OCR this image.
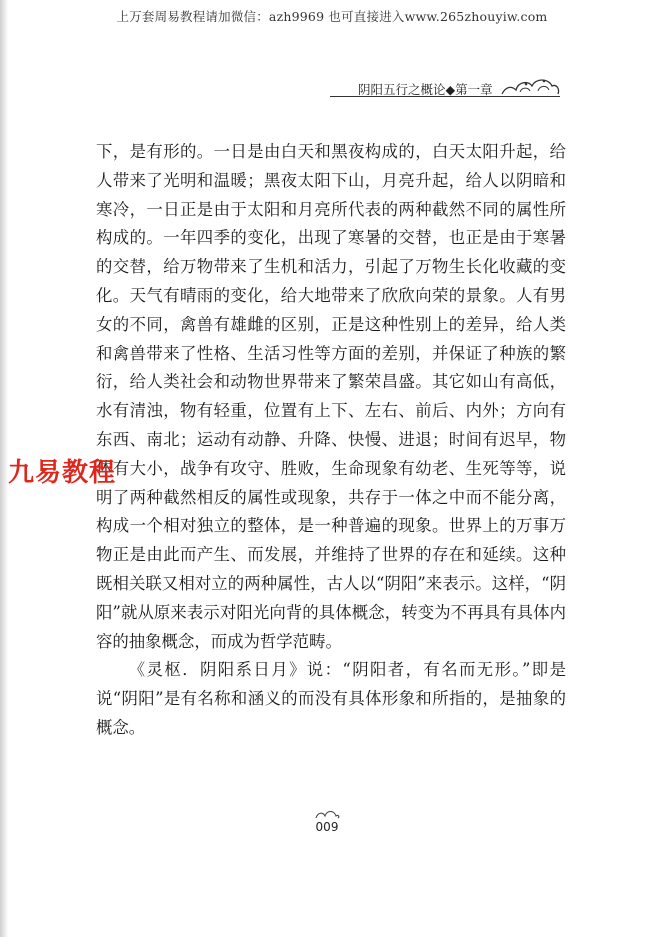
上万套周易教程请加微信：azh9969 也可直接进入www.265zhouyiw.com
阴阳五行之概论◆第一章

下，是有形的。一日是由白天和黑夜构成的，白天太阳升起，给人带来了光明和温暖；黑夜太阳下山，月亮升起，给人以阴暗和寒冷，一日正是由于太阳和月亮所代表的两种截然不同的属性所构成的。一年四季的变化，出现了寒暑的交替，也正是由于寒暑的交替，给万物带来了生机和活力，引起了万物生长化收藏的变化。天气有晴雨的变化，给大地带来了欣欣向荣的景象。人有男女的不同，禽兽有雄雌的区别，正是这种性别上的差异，给人类和禽兽带来了性格、生活习性等方面的差别，并保证了种族的繁衍，给人类社会和动物世界带来了繁荣昌盛。其它如山有高低，水有清浊，物有轻重，位置有上下、左右、前后、内外；方向有东西、南北；运动有动静、升降、快慢、进退；时间有迟早，物体有大小，战争有攻守、胜败，生命现象有幼老、生死等等，说明了两种截然相反的属性或现象，共存于一体之中而不能分离，构成一个相对独立的整体，是一种普遍的现象。世界上的万事万物正是由此而产生、而发展，并维持了世界的存在和延续。这种既相关联又相对立的两种属性，古人以“阴阳”来表示。这样，“阴阳”就从原来表示对阳光向背的具体概念，转变为不再具有具体内容的抽象概念，而成为哲学范畴。

《灵枢．阴阳系日月》说：“阴阳者，有名而无形。”即是说“阴阳”是有名称和涵义的而没有具体形象和所指的，是抽象的概念。

九易教程
009
